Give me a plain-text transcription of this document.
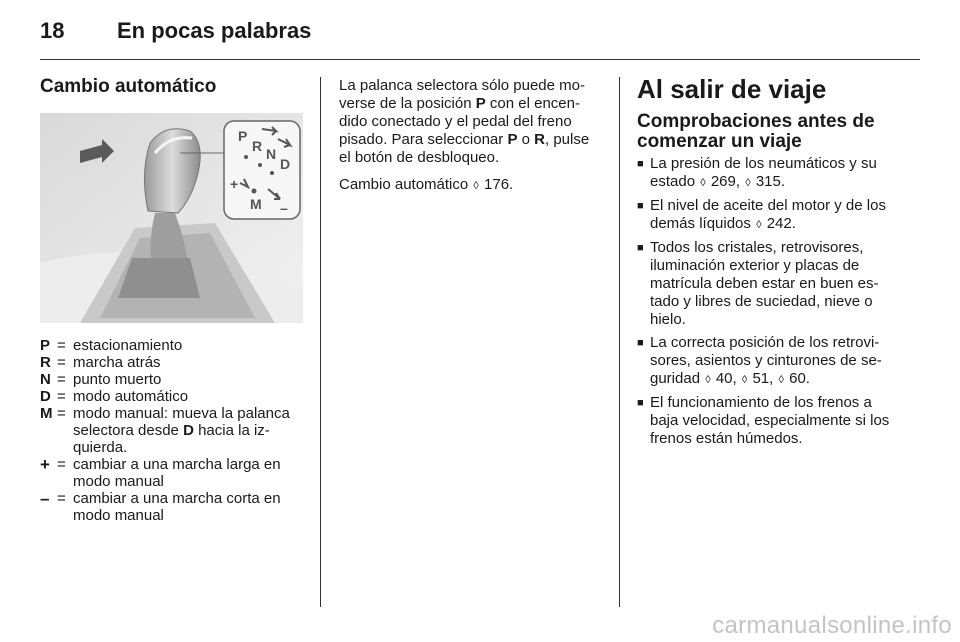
18 En pocas palabras
Cambio automático
P
R N
D
+
M –
P = estacionamiento
R = marcha atrás
N = punto muerto
D = modo automático
M = modo manual: mueva la palanca selectora desde D hacia la iz-quierda.
+ = cambiar a una marcha larga en modo manual
– = cambiar a una marcha corta en modo manual

La palanca selectora sólo puede mo-verse de la posición P con el encen-dido conectado y el pedal del freno pisado. Para seleccionar P o R, pulse el botón de desbloqueo.

Cambio automático ◊ 176.

Al salir de viaje
Comprobaciones antes de comenzar un viaje
■ La presión de los neumáticos y su estado ◊ 269, ◊ 315.
■ El nivel de aceite del motor y de los demás líquidos ◊ 242.
■ Todos los cristales, retrovisores, iluminación exterior y placas de matrícula deben estar en buen es-tado y libres de suciedad, nieve o hielo.
■ La correcta posición de los retrovi-sores, asientos y cinturones de se-guridad ◊ 40, ◊ 51, ◊ 60.
■ El funcionamiento de los frenos a baja velocidad, especialmente si los frenos están húmedos.
carmanualsonline.info
